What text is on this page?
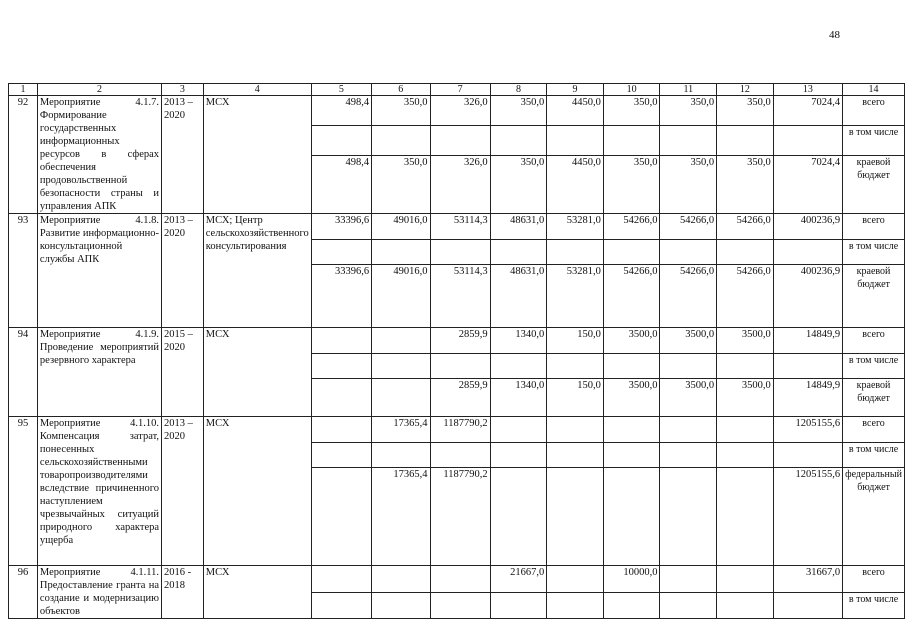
48
1	2	3	4	5	6	7	8	9	10	11	12	13	14
92	Мероприятие 4.1.7. Формирование государственных информационных ресурсов в сферах обеспечения продовольственной безопасности страны и управления АПК	2013 – 2020	МСХ	498,4	350,0	326,0	350,0	4450,0	350,0	350,0	350,0	7024,4	всего
													в том числе
				498,4	350,0	326,0	350,0	4450,0	350,0	350,0	350,0	7024,4	краевой бюджет
93	Мероприятие 4.1.8. Развитие информационно-консультационной службы АПК	2013 – 2020	МСХ; Центр сельскохозяйственного консультирования	33396,6	49016,0	53114,3	48631,0	53281,0	54266,0	54266,0	54266,0	400236,9	всего
													в том числе
				33396,6	49016,0	53114,3	48631,0	53281,0	54266,0	54266,0	54266,0	400236,9	краевой бюджет
94	Мероприятие 4.1.9. Проведение мероприятий резервного характера	2015 – 2020	МСХ			2859,9	1340,0	150,0	3500,0	3500,0	3500,0	14849,9	всего
													в том числе
						2859,9	1340,0	150,0	3500,0	3500,0	3500,0	14849,9	краевой бюджет
95	Мероприятие 4.1.10. Компенсация затрат, понесенных сельскохозяйственными товаропроизводителями вследствие причиненного наступлением чрезвычайных ситуаций природного характера ущерба	2013 – 2020	МСХ		17365,4	1187790,2						1205155,6	всего
													в том числе
					17365,4	1187790,2						1205155,6	федеральный бюджет
96	Мероприятие 4.1.11. Предоставление гранта на создание и модернизацию объектов	2016 - 2018	МСХ				21667,0		10000,0			31667,0	всего
													в том числе
